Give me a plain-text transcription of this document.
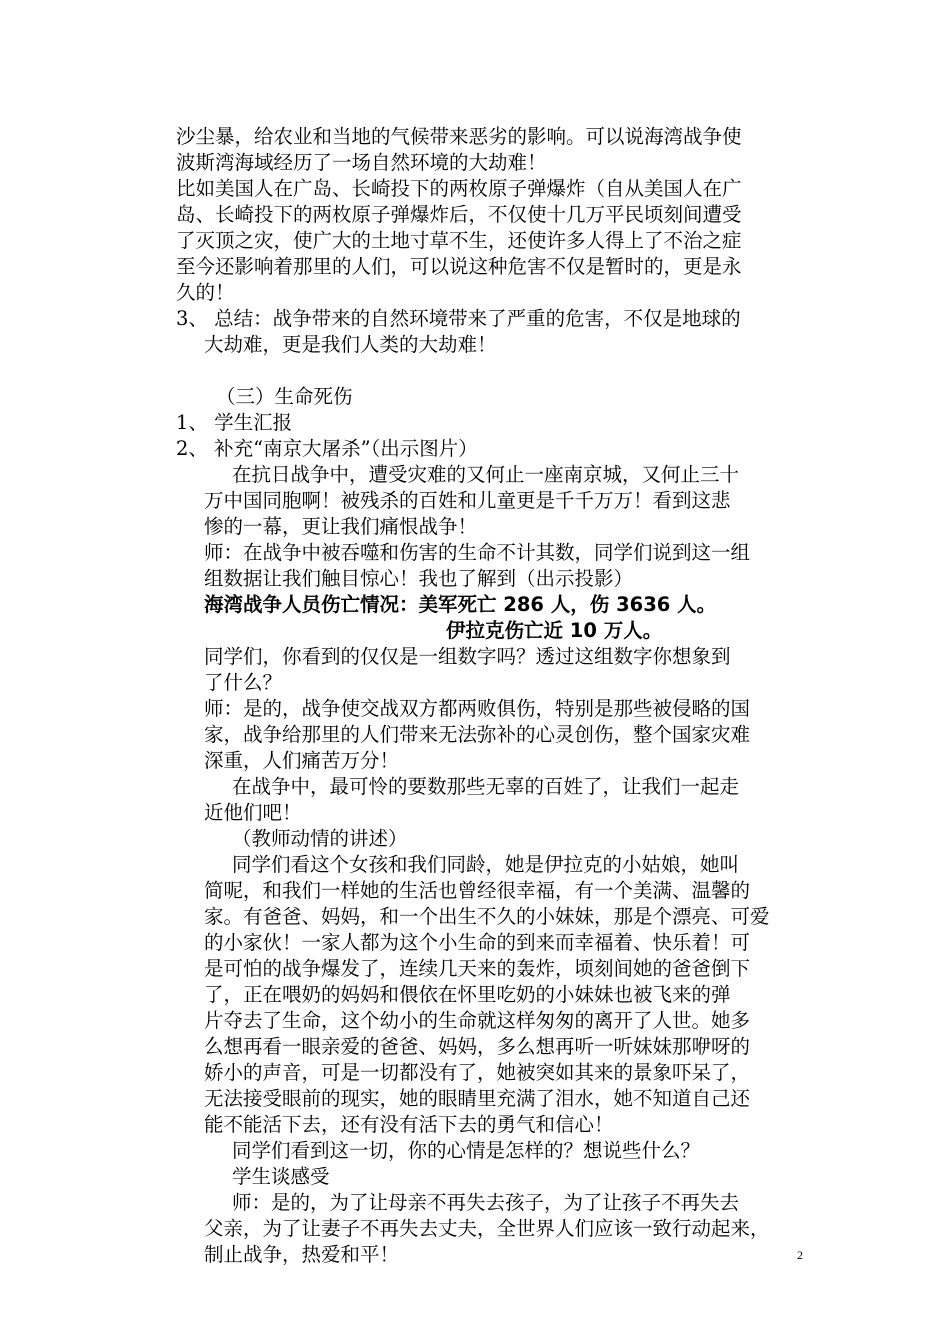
沙尘暴，给农业和当地的气候带来恶劣的影响。可以说海湾战争使
波斯湾海域经历了一场自然环境的大劫难！
比如美国人在广岛、长崎投下的两枚原子弹爆炸（自从美国人在广
岛、长崎投下的两枚原子弹爆炸后，不仅使十几万平民顷刻间遭受
了灭顶之灾，使广大的土地寸草不生，还使许多人得上了不治之症
至今还影响着那里的人们，可以说这种危害不仅是暂时的，更是永
久的！
3、 总结：战争带来的自然环境带来了严重的危害，不仅是地球的
大劫难，更是我们人类的大劫难！
（三）生命死伤
1、 学生汇报
2、 补充“南京大屠杀”（出示图片）
在抗日战争中，遭受灾难的又何止一座南京城，又何止三十
万中国同胞啊！被残杀的百姓和儿童更是千千万万！看到这悲
惨的一幕，更让我们痛恨战争！
师：在战争中被吞噬和伤害的生命不计其数，同学们说到这一组
组数据让我们触目惊心！我也了解到（出示投影）
海湾战争人员伤亡情况：美军死亡 286 人，伤 3636 人。
伊拉克伤亡近 10 万人。
同学们，你看到的仅仅是一组数字吗？透过这组数字你想象到
了什么？
师：是的，战争使交战双方都两败俱伤，特别是那些被侵略的国
家，战争给那里的人们带来无法弥补的心灵创伤，整个国家灾难
深重，人们痛苦万分！
在战争中，最可怜的要数那些无辜的百姓了，让我们一起走
近他们吧！
（教师动情的讲述）
同学们看这个女孩和我们同龄，她是伊拉克的小姑娘，她叫
简呢，和我们一样她的生活也曾经很幸福，有一个美满、温馨的
家。有爸爸、妈妈，和一个出生不久的小妹妹，那是个漂亮、可爱
的小家伙！一家人都为这个小生命的到来而幸福着、快乐着！可
是可怕的战争爆发了，连续几天来的轰炸，顷刻间她的爸爸倒下
了，正在喂奶的妈妈和偎依在怀里吃奶的小妹妹也被飞来的弹
片夺去了生命，这个幼小的生命就这样匆匆的离开了人世。她多
么想再看一眼亲爱的爸爸、妈妈，多么想再听一听妹妹那咿呀的
娇小的声音，可是一切都没有了，她被突如其来的景象吓呆了，
无法接受眼前的现实，她的眼睛里充满了泪水，她不知道自己还
能不能活下去，还有没有活下去的勇气和信心！
同学们看到这一切，你的心情是怎样的？想说些什么？
学生谈感受
师：是的，为了让母亲不再失去孩子，为了让孩子不再失去
父亲，为了让妻子不再失去丈夫，全世界人们应该一致行动起来，
制止战争，热爱和平！	2
